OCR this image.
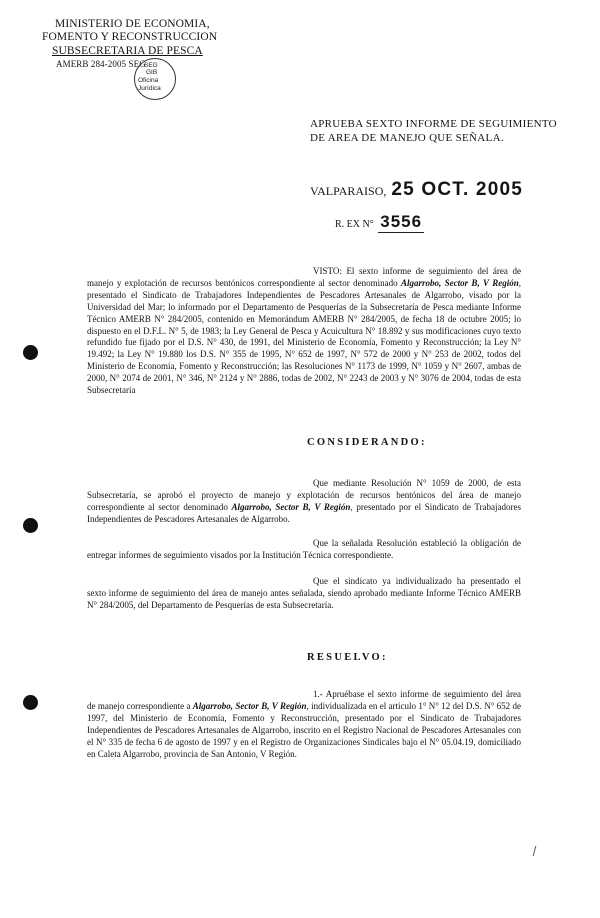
MINISTERIO DE ECONOMIA,
FOMENTO Y RECONSTRUCCION
SUBSECRETARIA DE PESCA
AMERB 284-2005 SEG
SEG
GIB
Oficina
Jurídica
APRUEBA SEXTO INFORME DE SEGUIMIENTO
DE AREA DE MANEJO QUE SEÑALA.
VALPARAISO, 25 OCT. 2005
R. EX N° 3556
VISTO: El sexto informe de seguimiento del área de manejo y explotación de recursos bentónicos correspondiente al sector denominado Algarrobo, Sector B, V Región, presentado el Sindicato de Trabajadores Independientes de Pescadores Artesanales de Algarrobo, visado por la Universidad del Mar; lo informado por el Departamento de Pesquerías de la Subsecretaría de Pesca mediante Informe Técnico AMERB N° 284/2005, contenido en Memorándum AMERB N° 284/2005, de fecha 18 de octubre 2005; lo dispuesto en el D.F.L. N° 5, de 1983; la Ley General de Pesca y Acuicultura N° 18.892 y sus modificaciones cuyo texto refundido fue fijado por el D.S. N° 430, de 1991, del Ministerio de Economía, Fomento y Reconstrucción; la Ley N° 19.492; la Ley N° 19.880 los D.S. N° 355 de 1995, N° 652 de 1997, N° 572 de 2000 y N° 253 de 2002, todos del Ministerio de Economía, Fomento y Reconstrucción; las Resoluciones N° 1173 de 1999, N° 1059 y N° 2607, ambas de 2000, N° 2074 de 2001, N° 346, N° 2124 y N° 2886, todas de 2002, N° 2243 de 2003 y N° 3076 de 2004, todas de esta Subsecretaría
CONSIDERANDO:
Que mediante Resolución N° 1059 de 2000, de esta Subsecretaría, se aprobó el proyecto de manejo y explotación de recursos bentónicos del área de manejo correspondiente al sector denominado Algarrobo, Sector B, V Región, presentado por el Sindicato de Trabajadores Independientes de Pescadores Artesanales de Algarrobo.
Que la señalada Resolución estableció la obligación de entregar informes de seguimiento visados por la Institución Técnica correspondiente.
Que el sindicato ya individualizado ha presentado el sexto informe de seguimiento del área de manejo antes señalada, siendo aprobado mediante Informe Técnico AMERB N° 284/2005, del Departamento de Pesquerías de esta Subsecretaría.
RESUELVO:
1.- Apruébase el sexto informe de seguimiento del área de manejo correspondiente a Algarrobo, Sector B, V Región, individualizada en el artículo 1° N° 12 del D.S. N° 652 de 1997, del Ministerio de Economía, Fomento y Reconstrucción, presentado por el Sindicato de Trabajadores Independientes de Pescadores Artesanales de Algarrobo, inscrito en el Registro Nacional de Pescadores Artesanales con el N° 335 de fecha 6 de agosto de 1997 y en el Registro de Organizaciones Sindicales bajo el N° 05.04.19, domiciliado en Caleta Algarrobo, provincia de San Antonio, V Región.
